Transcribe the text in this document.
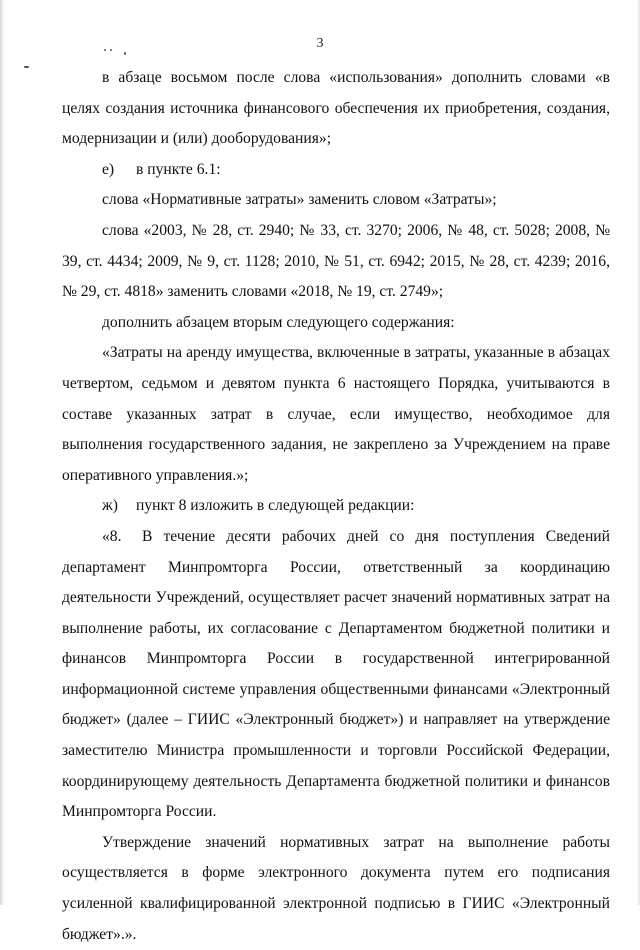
3

в абзаце восьмом после слова «использования» дополнить словами «в целях создания источника финансового обеспечения их приобретения, создания, модернизации и (или) дооборудования»;

е)	в пункте 6.1:

слова «Нормативные затраты» заменить словом «Затраты»;

слова «2003, № 28, ст. 2940; № 33, ст. 3270; 2006, № 48, ст. 5028; 2008, № 39, ст. 4434; 2009, № 9, ст. 1128; 2010, № 51, ст. 6942; 2015, № 28, ст. 4239; 2016, № 29, ст. 4818» заменить словами «2018, № 19, ст. 2749»;

дополнить абзацем вторым следующего содержания:

«Затраты на аренду имущества, включенные в затраты, указанные в абзацах четвертом, седьмом и девятом пункта 6 настоящего Порядка, учитываются в составе указанных затрат в случае, если имущество, необходимое для выполнения государственного задания, не закреплено за Учреждением на праве оперативного управления.»;

ж)	пункт 8 изложить в следующей редакции:

«8. В течение десяти рабочих дней со дня поступления Сведений департамент Минпромторга России, ответственный за координацию деятельности Учреждений, осуществляет расчет значений нормативных затрат на выполнение работы, их согласование с Департаментом бюджетной политики и финансов Минпромторга России в государственной интегрированной информационной системе управления общественными финансами «Электронный бюджет» (далее – ГИИС «Электронный бюджет») и направляет на утверждение заместителю Министра промышленности и торговли Российской Федерации, координирующему деятельность Департамента бюджетной политики и финансов Минпромторга России.

Утверждение значений нормативных затрат на выполнение работы осуществляется в форме электронного документа путем его подписания усиленной квалифицированной электронной подписью в ГИИС «Электронный бюджет».».
